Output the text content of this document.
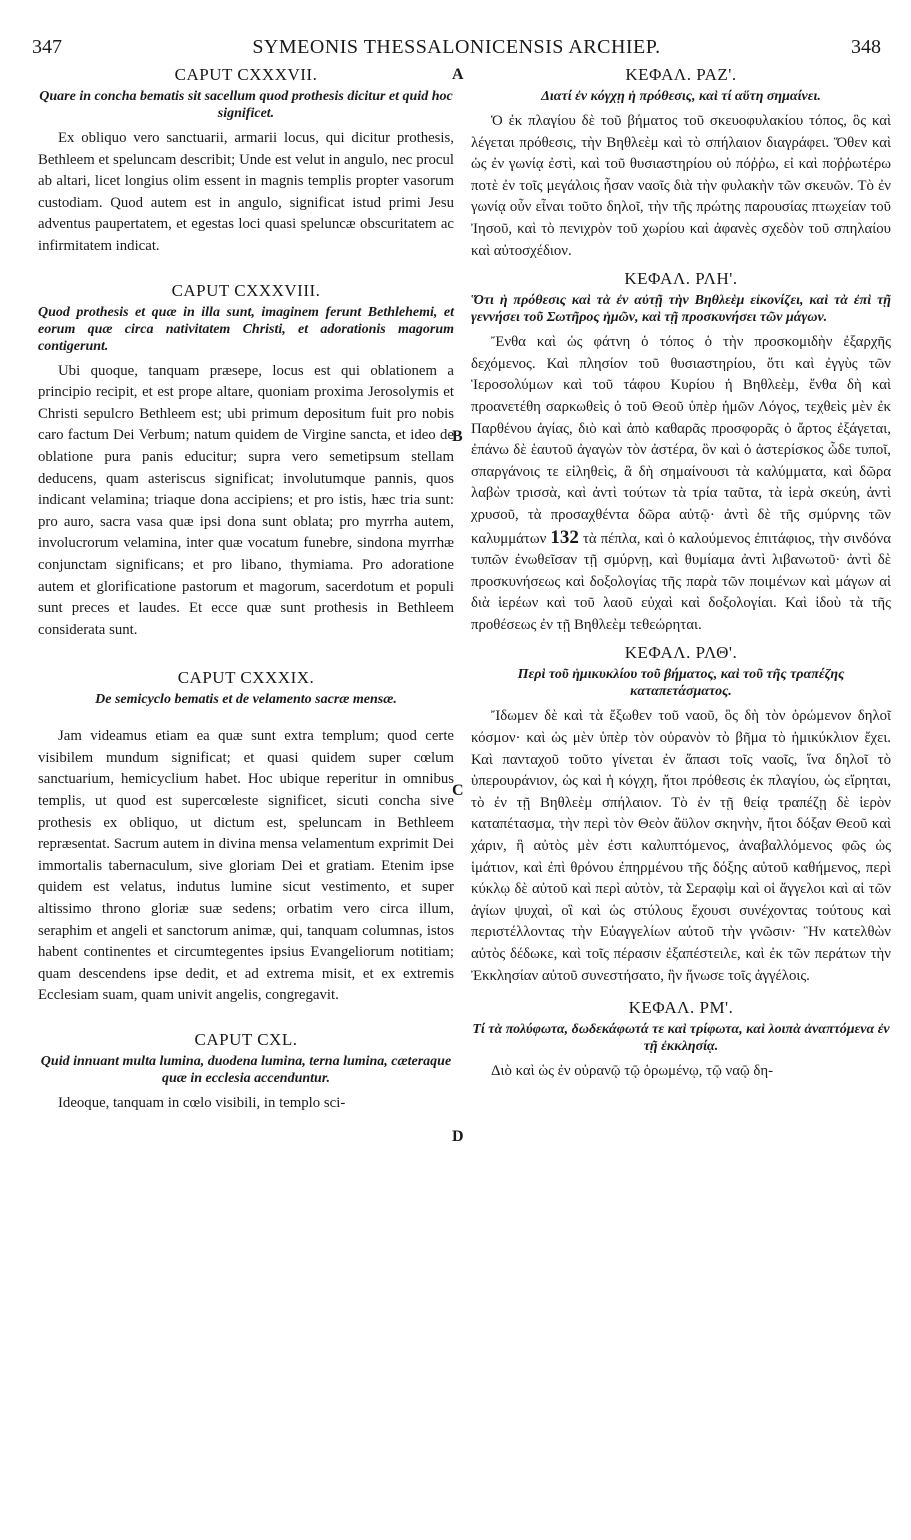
347	SYMEONIS THESSALONICENSIS ARCHIEP.	348
A
B
C
D
CAPUT CXXXVII.
Quare in concha bematis sit sacellum quod prothesis dicitur et quid hoc significet.

Ex obliquo vero sanctuarii, armarii locus, qui dicitur prothesis, Bethleem et speluncam describit; Unde est velut in angulo, nec procul ab altari, licet longius olim essent in magnis templis propter vasorum custodiam. Quod autem est in angulo, significat istud primi Jesu adventus paupertatem, et egestas loci quasi speluncæ obscuritatem ac infirmitatem indicat.

CAPUT CXXXVIII.
Quod prothesis et quæ in illa sunt, imaginem ferunt Bethlehemi, et eorum quæ circa nativitatem Christi, et adorationis magorum contigerunt.

Ubi quoque, tanquam præsepe, locus est qui oblationem a principio recipit, et est prope altare, quoniam proxima Jerosolymis et Christi sepulcro Bethleem est; ubi primum depositum fuit pro nobis caro factum Dei Verbum; natum quidem de Virgine sancta, et ideo de oblatione pura panis educitur; supra vero semetipsum stellam deducens, quam asteriscus significat; involutumque pannis, quos indicant velamina; triaque dona accipiens; et pro istis, hæc tria sunt: pro auro, sacra vasa quæ ipsi dona sunt oblata; pro myrrha autem, involucrorum velamina, inter quæ vocatum funebre, sindona myrrhæ conjunctam significans; et pro libano, thymiama. Pro adoratione autem et glorificatione pastorum et magorum, sacerdotum et populi sunt preces et laudes. Et ecce quæ sunt prothesis in Bethleem considerata sunt.

CAPUT CXXXIX.
De semicyclo bematis et de velamento sacræ mensæ.

Jam videamus etiam ea quæ sunt extra templum; quod certe visibilem mundum significat; et quasi quidem super cœlum sanctuarium, hemicyclium habet. Hoc ubique reperitur in omnibus templis, ut quod est supercœleste significet, sicuti concha sive prothesis ex obliquo, ut dictum est, speluncam in Bethleem repræsentat. Sacrum autem in divina mensa velamentum exprimit Dei immortalis tabernaculum, sive gloriam Dei et gratiam. Etenim ipse quidem est velatus, indutus lumine sicut vestimento, et super altissimo throno gloriæ suæ sedens; orbatim vero circa illum, seraphim et angeli et sanctorum animæ, qui, tanquam columnas, istos habent continentes et circumtegentes ipsius Evangeliorum notitiam; quam descendens ipse dedit, et ad extrema misit, et ex extremis Ecclesiam suam, quam univit angelis, congregavit.

CAPUT CXL.
Quid innuant multa lumina, duodena lumina, terna lumina, cæteraque quæ in ecclesia accenduntur.

Ideoque, tanquam in cœlo visibili, in templo sci-

ΚΕΦΑΛ. ΡΑΖ'.
Διατί ἐν κόγχῃ ἡ πρόθεσις, καὶ τί αὕτη σημαίνει.

Ὁ ἐκ πλαγίου δὲ τοῦ βήματος τοῦ σκευοφυλακίου τόπος, ὃς καὶ λέγεται πρόθεσις, τὴν Βηθλεὲμ καὶ τὸ σπήλαιον διαγράφει. Ὅθεν καὶ ὡς ἐν γωνίᾳ ἐστὶ, καὶ τοῦ θυσιαστηρίου οὐ πόῤῥω, εἰ καὶ ποῤῥωτέρω ποτὲ ἐν τοῖς μεγάλοις ἦσαν ναοῖς διὰ τὴν φυλακὴν τῶν σκευῶν. Τὸ ἐν γωνίᾳ οὖν εἶναι τοῦτο δηλοῖ, τὴν τῆς πρώτης παρουσίας πτωχείαν τοῦ Ἰησοῦ, καὶ τὸ πενιχρὸν τοῦ χωρίου καὶ ἀφανὲς σχεδὸν τοῦ σπηλαίου καὶ αὐτοσχέδιον.

ΚΕΦΑΛ. ΡΛΗ'.
Ὅτι ἡ πρόθεσις καὶ τὰ ἐν αὐτῇ τὴν Βηθλεὲμ εἰκονίζει, καὶ τὰ ἐπὶ τῇ γεννήσει τοῦ Σωτῆρος ἡμῶν, καὶ τῇ προσκυνήσει τῶν μάγων.

Ἔνθα καὶ ὡς φάτνη ὁ τόπος ὁ τὴν προσκομιδὴν ἐξαρχῆς δεχόμενος. Καὶ πλησίον τοῦ θυσιαστηρίου, ὅτι καὶ ἐγγὺς τῶν Ἱεροσολύμων καὶ τοῦ τάφου Κυρίου ἡ Βηθλεὲμ, ἔνθα δὴ καὶ προανετέθη σαρκωθεὶς ὁ τοῦ Θεοῦ ὑπὲρ ἡμῶν Λόγος, τεχθεὶς μὲν ἐκ Παρθένου ἁγίας, διὸ καὶ ἀπὸ καθαρᾶς προσφορᾶς ὁ ἄρτος ἐξάγεται, ἐπάνω δὲ ἑαυτοῦ ἀγαγὼν τὸν ἀστέρα, ὃν καὶ ὁ ἀστερίσκος ὧδε τυποῖ, σπαργάνοις τε εἰληθεὶς, ἃ δὴ σημαίνουσι τὰ καλύμματα, καὶ δῶρα λαβὼν τρισσὰ, καὶ ἀντὶ τούτων τὰ τρία ταῦτα, τὰ ἱερὰ σκεύη, ἀντὶ χρυσοῦ, τὰ προσαχθέντα δῶρα αὐτῷ· ἀντὶ δὲ τῆς σμύρνης τῶν καλυμμάτων 132 τὰ πέπλα, καὶ ὁ καλούμενος ἐπιτάφιος, τὴν σινδόνα τυπῶν ἐνωθεῖσαν τῇ σμύρνῃ, καὶ θυμίαμα ἀντὶ λιβανωτοῦ· ἀντὶ δὲ προσκυνήσεως καὶ δοξολογίας τῆς παρὰ τῶν ποιμένων καὶ μάγων αἱ διὰ ἱερέων καὶ τοῦ λαοῦ εὐχαὶ καὶ δοξολογίαι. Καὶ ἰδοὺ τὰ τῆς προθέσεως ἐν τῇ Βηθλεὲμ τεθεώρηται.

ΚΕΦΑΛ. ΡΛΘ'.
Περὶ τοῦ ἡμικυκλίου τοῦ βήματος, καὶ τοῦ τῆς τραπέζης καταπετάσματος.

Ἴδωμεν δὲ καὶ τὰ ἔξωθεν τοῦ ναοῦ, ὃς δὴ τὸν ὁρώμενον δηλοῖ κόσμον· καὶ ὡς μὲν ὑπὲρ τὸν οὐρανὸν τὸ βῆμα τὸ ἡμικύκλιον ἔχει. Καὶ πανταχοῦ τοῦτο γίνεται ἐν ἅπασι τοῖς ναοῖς, ἵνα δηλοῖ τὸ ὑπερουράνιον, ὡς καὶ ἡ κόγχη, ἤτοι πρόθεσις ἐκ πλαγίου, ὡς εἴρηται, τὸ ἐν τῇ Βηθλεὲμ σπήλαιον. Τὸ ἐν τῇ θείᾳ τραπέζῃ δὲ ἱερὸν καταπέτασμα, τὴν περὶ τὸν Θεὸν ἄϋλον σκηνὴν, ἤτοι δόξαν Θεοῦ καὶ χάριν, ἣ αὐτὸς μὲν ἐστι καλυπτόμενος, ἀναβαλλόμενος φῶς ὡς ἱμάτιον, καὶ ἐπὶ θρόνου ἐπηρμένου τῆς δόξης αὐτοῦ καθήμενος, περὶ κύκλῳ δὲ αὐτοῦ καὶ περὶ αὐτὸν, τὰ Σεραφὶμ καὶ οἱ ἄγγελοι καὶ αἱ τῶν ἁγίων ψυχαὶ, οἳ καὶ ὡς στύλους ἔχουσι συνέχοντας τούτους καὶ περιστέλλοντας τὴν Εὐαγγελίων αὐτοῦ τὴν γνῶσιν· Ἣν κατελθὼν αὐτὸς δέδωκε, καὶ τοῖς πέρασιν ἐξαπέστειλε, καὶ ἐκ τῶν περάτων τὴν Ἐκκλησίαν αὐτοῦ συνεστήσατο, ἣν ἥνωσε τοῖς ἀγγέλοις.

ΚΕΦΑΛ. ΡΜ'.
Τί τὰ πολύφωτα, δωδεκάφωτά τε καὶ τρίφωτα, καὶ λοιπὰ ἀναπτόμενα ἐν τῇ ἐκκλησίᾳ.

Διὸ καὶ ὡς ἐν οὐρανῷ τῷ ὁρωμένῳ, τῷ ναῷ δη-
